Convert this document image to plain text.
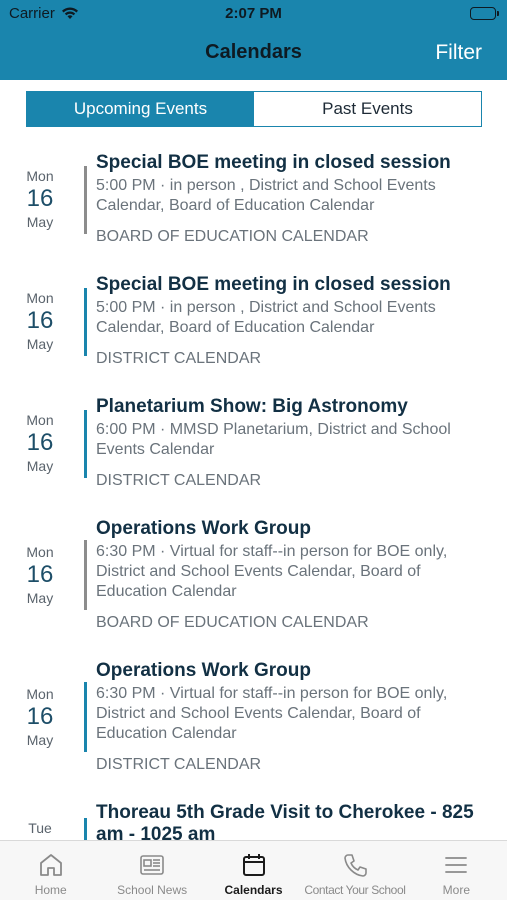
Carrier	2:07 PM
Calendars	Filter
Upcoming Events	Past Events
Mon
16
May
Special BOE meeting in closed session
5:00 PM · in person , District and School Events Calendar, Board of Education Calendar
BOARD OF EDUCATION CALENDAR
Mon
16
May
Special BOE meeting in closed session
5:00 PM · in person , District and School Events Calendar, Board of Education Calendar
DISTRICT CALENDAR
Mon
16
May
Planetarium Show: Big Astronomy
6:00 PM · MMSD Planetarium, District and School Events Calendar
DISTRICT CALENDAR
Mon
16
May
Operations Work Group
6:30 PM · Virtual for staff--in person for BOE only, District and School Events Calendar, Board of Education Calendar
BOARD OF EDUCATION CALENDAR
Mon
16
May
Operations Work Group
6:30 PM · Virtual for staff--in person for BOE only, District and School Events Calendar, Board of Education Calendar
DISTRICT CALENDAR
Tue
Thoreau 5th Grade Visit to Cherokee - 825 am - 1025 am
Home	School News	Calendars Contact Your School	More
